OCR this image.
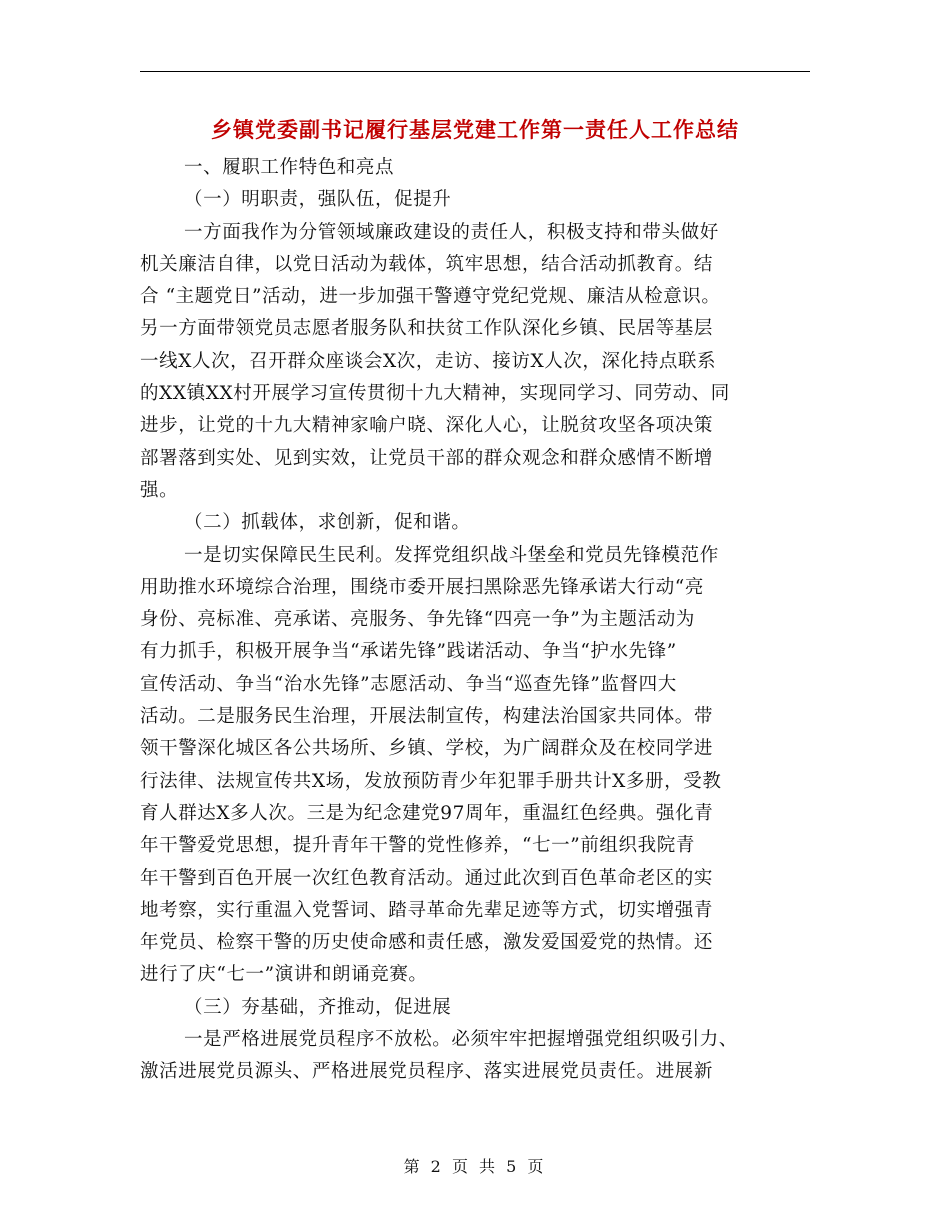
乡镇党委副书记履行基层党建工作第一责任人工作总结
一、履职工作特色和亮点
（一）明职责，强队伍，促提升
一方面我作为分管领域廉政建设的责任人，积极支持和带头做好
机关廉洁自律，以党日活动为载体，筑牢思想，结合活动抓教育。结
合 “主题党日”活动，进一步加强干警遵守党纪党规、廉洁从检意识。
另一方面带领党员志愿者服务队和扶贫工作队深化乡镇、民居等基层
一线X人次，召开群众座谈会X次，走访、接访X人次，深化持点联系
的XX镇XX村开展学习宣传贯彻十九大精神，实现同学习、同劳动、同
进步，让党的十九大精神家喻户晓、深化人心，让脱贫攻坚各项决策
部署落到实处、见到实效，让党员干部的群众观念和群众感情不断增
强。
（二）抓载体，求创新，促和谐。
一是切实保障民生民利。发挥党组织战斗堡垒和党员先锋模范作
用助推水环境综合治理，围绕市委开展扫黑除恶先锋承诺大行动“亮
身份、亮标准、亮承诺、亮服务、争先锋“四亮一争”为主题活动为
有力抓手，积极开展争当“承诺先锋”践诺活动、争当“护水先锋”
宣传活动、争当“治水先锋”志愿活动、争当“巡查先锋”监督四大
活动。二是服务民生治理，开展法制宣传，构建法治国家共同体。带
领干警深化城区各公共场所、乡镇、学校，为广阔群众及在校同学进
行法律、法规宣传共X场，发放预防青少年犯罪手册共计X多册，受教
育人群达X多人次。三是为纪念建党97周年，重温红色经典。强化青
年干警爱党思想，提升青年干警的党性修养，“七一”前组织我院青
年干警到百色开展一次红色教育活动。通过此次到百色革命老区的实
地考察，实行重温入党誓词、踏寻革命先辈足迹等方式，切实增强青
年党员、检察干警的历史使命感和责任感，激发爱国爱党的热情。还
进行了庆“七一”演讲和朗诵竞赛。
（三）夯基础，齐推动，促进展
一是严格进展党员程序不放松。必须牢牢把握增强党组织吸引力、
激活进展党员源头、严格进展党员程序、落实进展党员责任。进展新
第 2 页 共 5 页
